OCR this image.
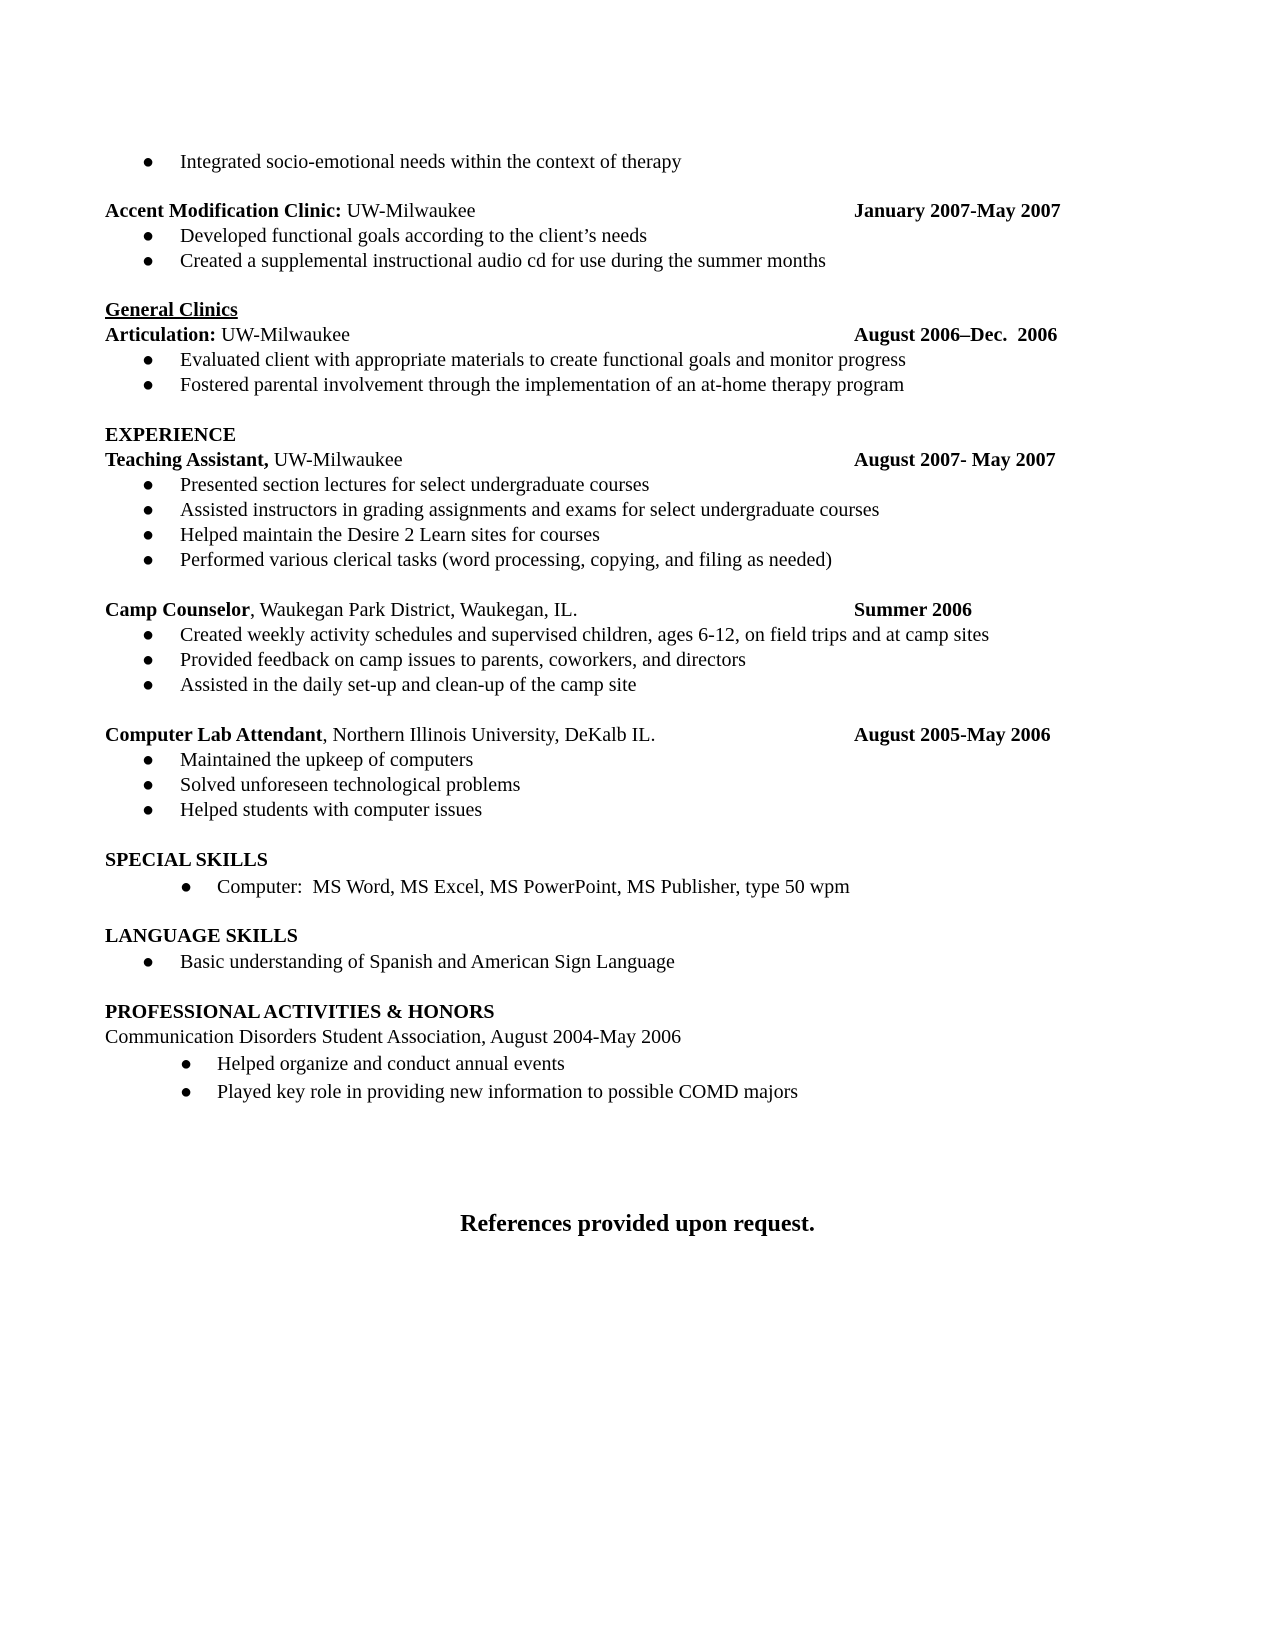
● Integrated socio-emotional needs within the context of therapy
Accent Modification Clinic: UW-Milwaukee	January 2007-May 2007
● Developed functional goals according to the client’s needs
● Created a supplemental instructional audio cd for use during the summer months
General Clinics
Articulation: UW-Milwaukee	August 2006–Dec.  2006
● Evaluated client with appropriate materials to create functional goals and monitor progress
● Fostered parental involvement through the implementation of an at-home therapy program
EXPERIENCE
Teaching Assistant, UW-Milwaukee	August 2007- May 2007
● Presented section lectures for select undergraduate courses
● Assisted instructors in grading assignments and exams for select undergraduate courses
● Helped maintain the Desire 2 Learn sites for courses
● Performed various clerical tasks (word processing, copying, and filing as needed)
Camp Counselor, Waukegan Park District, Waukegan, IL.	Summer 2006
● Created weekly activity schedules and supervised children, ages 6-12, on field trips and at camp sites
● Provided feedback on camp issues to parents, coworkers, and directors
● Assisted in the daily set-up and clean-up of the camp site
Computer Lab Attendant, Northern Illinois University, DeKalb IL.	August 2005-May 2006
● Maintained the upkeep of computers
● Solved unforeseen technological problems
● Helped students with computer issues
SPECIAL SKILLS
● Computer:  MS Word, MS Excel, MS PowerPoint, MS Publisher, type 50 wpm
LANGUAGE SKILLS
● Basic understanding of Spanish and American Sign Language
PROFESSIONAL ACTIVITIES & HONORS
Communication Disorders Student Association, August 2004-May 2006
● Helped organize and conduct annual events
● Played key role in providing new information to possible COMD majors
References provided upon request.
